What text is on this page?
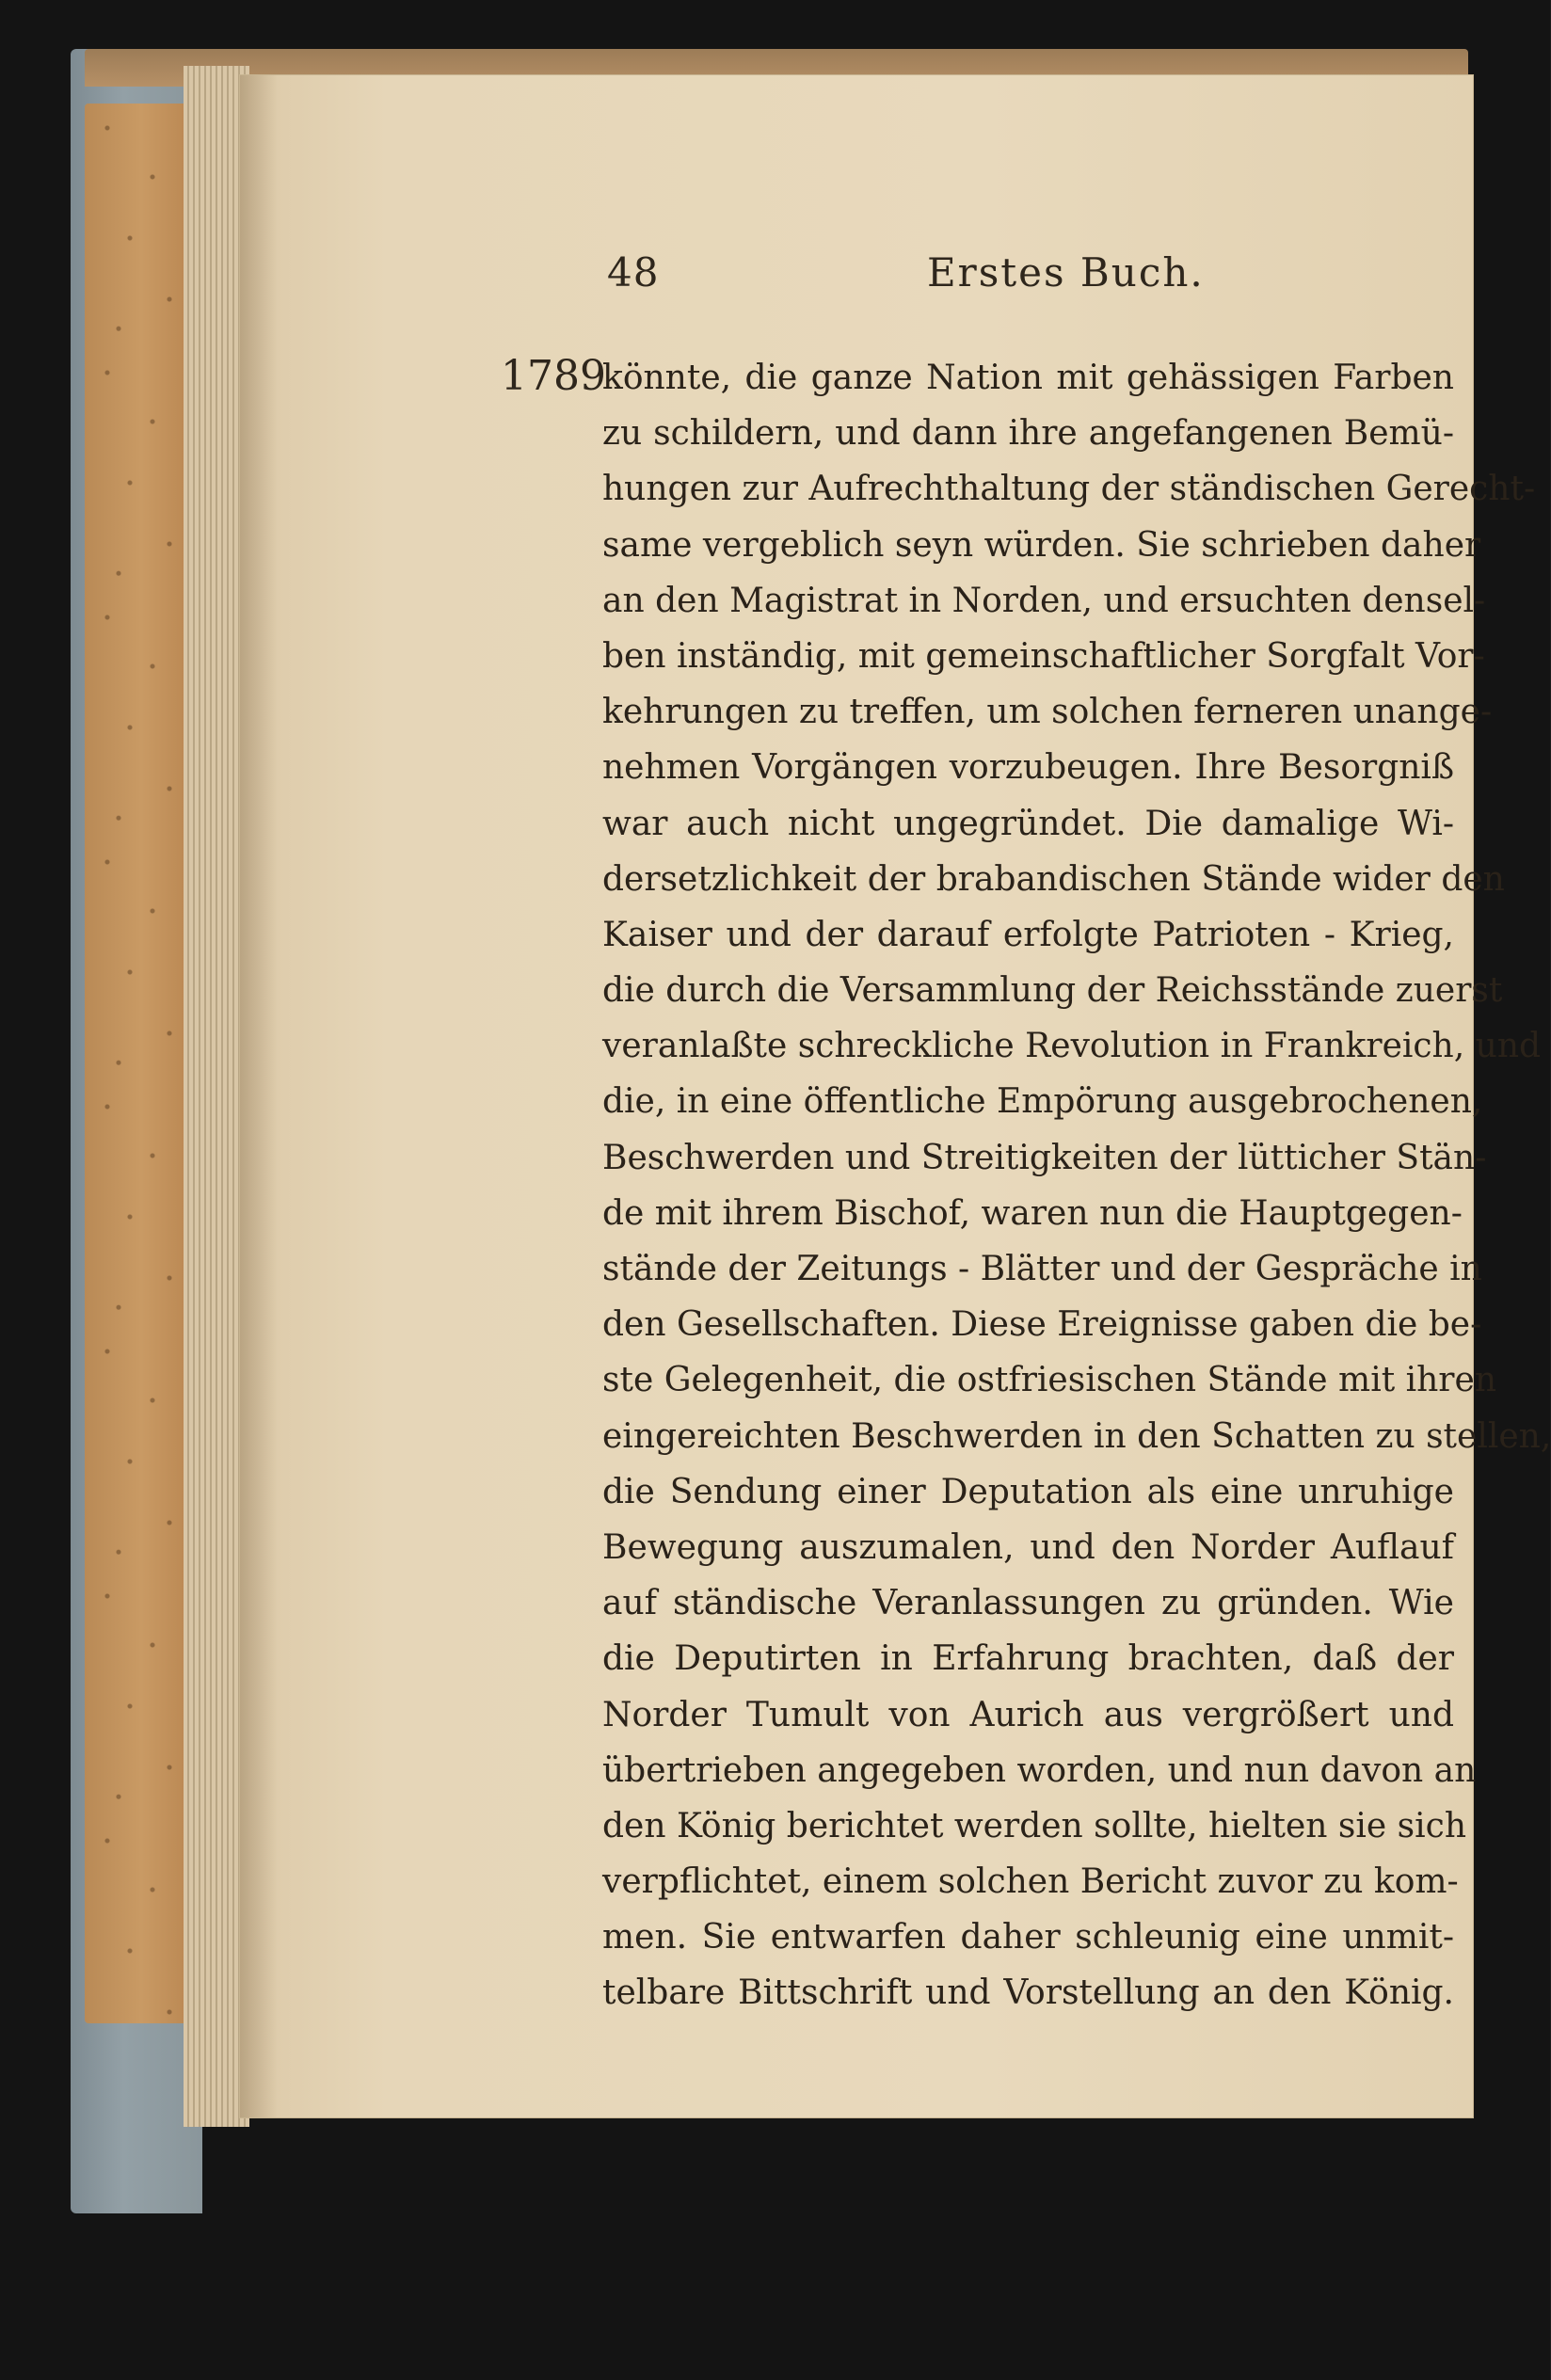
48	Erstes Buch.
1789
könnte, die ganze Nation mit gehässigen Farben
zu schildern, und dann ihre angefangenen Bemü-
hungen zur Aufrechthaltung der ständischen Gerecht-
same vergeblich seyn würden. Sie schrieben daher
an den Magistrat in Norden, und ersuchten densel-
ben inständig, mit gemeinschaftlicher Sorgfalt Vor-
kehrungen zu treffen, um solchen ferneren unange-
nehmen Vorgängen vorzubeugen. Ihre Besorgniß
war auch nicht ungegründet. Die damalige Wi-
dersetzlichkeit der brabandischen Stände wider den
Kaiser und der darauf erfolgte Patrioten - Krieg,
die durch die Versammlung der Reichsstände zuerst
veranlaßte schreckliche Revolution in Frankreich, und
die, in eine öffentliche Empörung ausgebrochenen,
Beschwerden und Streitigkeiten der lütticher Stän-
de mit ihrem Bischof, waren nun die Hauptgegen-
stände der Zeitungs - Blätter und der Gespräche in
den Gesellschaften. Diese Ereignisse gaben die be-
ste Gelegenheit, die ostfriesischen Stände mit ihren
eingereichten Beschwerden in den Schatten zu stellen,
die Sendung einer Deputation als eine unruhige
Bewegung auszumalen, und den Norder Auflauf
auf ständische Veranlassungen zu gründen. Wie
die Deputirten in Erfahrung brachten, daß der
Norder Tumult von Aurich aus vergrößert und
übertrieben angegeben worden, und nun davon an
den König berichtet werden sollte, hielten sie sich
verpflichtet, einem solchen Bericht zuvor zu kom-
men. Sie entwarfen daher schleunig eine unmit-
telbare Bittschrift und Vorstellung an den König.
